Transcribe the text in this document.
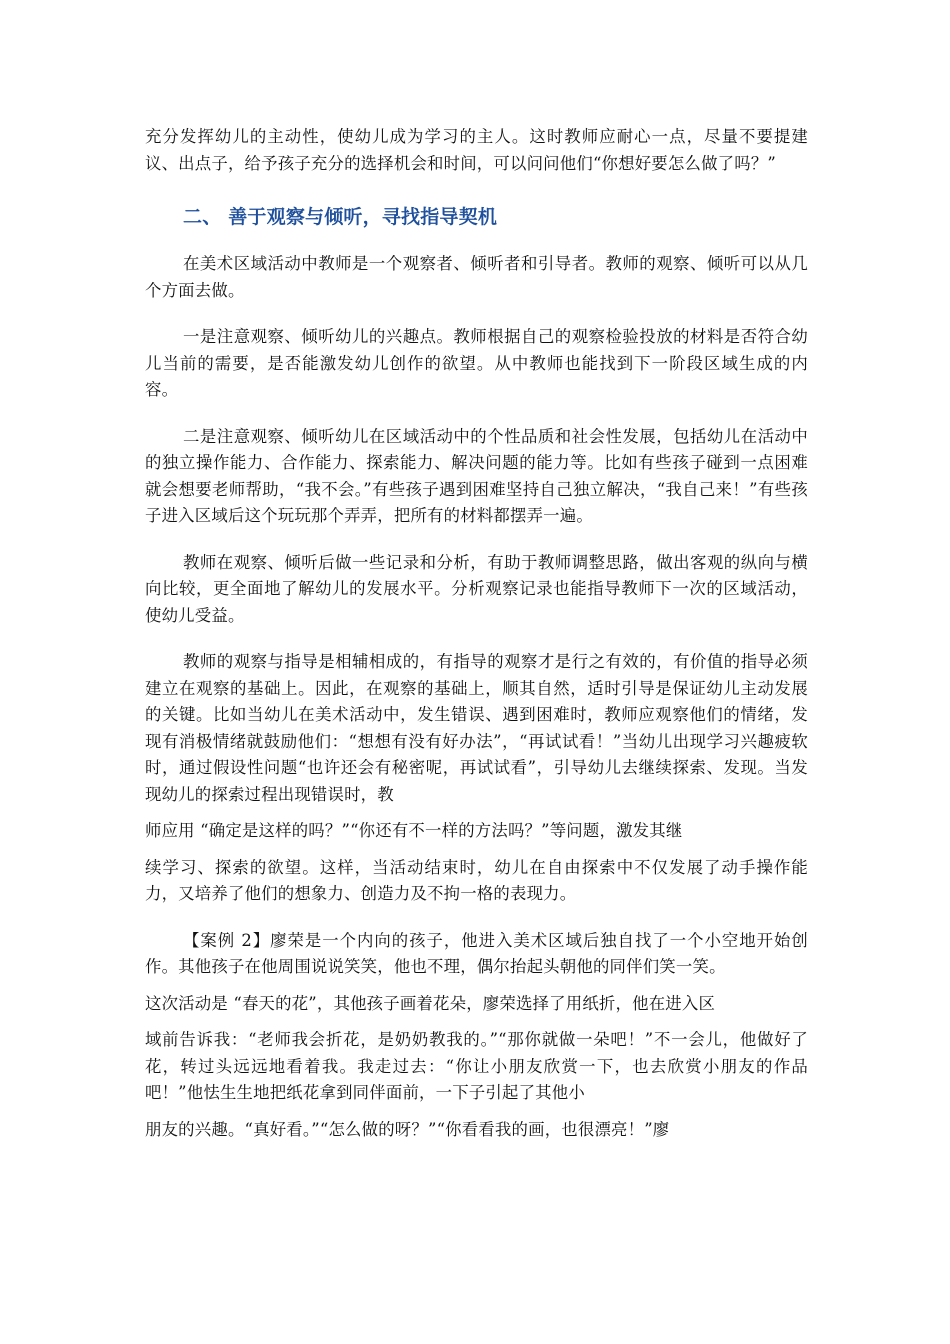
充分发挥幼儿的主动性，使幼儿成为学习的主人。这时教师应耐心一点，尽量不要提建议、出点子，给予孩子充分的选择机会和时间，可以问问他们“你想好要怎么做了吗？”

二、 善于观察与倾听，寻找指导契机

在美术区域活动中教师是一个观察者、倾听者和引导者。教师的观察、倾听可以从几个方面去做。

一是注意观察、倾听幼儿的兴趣点。教师根据自己的观察检验投放的材料是否符合幼儿当前的需要，是否能激发幼儿创作的欲望。从中教师也能找到下一阶段区域生成的内容。

二是注意观察、倾听幼儿在区域活动中的个性品质和社会性发展，包括幼儿在活动中的独立操作能力、合作能力、探索能力、解决问题的能力等。比如有些孩子碰到一点困难就会想要老师帮助，“我不会。”有些孩子遇到困难坚持自己独立解决，“我自己来！”有些孩子进入区域后这个玩玩那个弄弄，把所有的材料都摆弄一遍。

教师在观察、倾听后做一些记录和分析，有助于教师调整思路，做出客观的纵向与横向比较，更全面地了解幼儿的发展水平。分析观察记录也能指导教师下一次的区域活动，使幼儿受益。

教师的观察与指导是相辅相成的，有指导的观察才是行之有效的，有价值的指导必须建立在观察的基础上。因此，在观察的基础上，顺其自然，适时引导是保证幼儿主动发展的关键。比如当幼儿在美术活动中，发生错误、遇到困难时，教师应观察他们的情绪，发现有消极情绪就鼓励他们：“想想有没有好办法”，“再试试看！”当幼儿出现学习兴趣疲软时，通过假设性问题“也许还会有秘密呢，再试试看”，引导幼儿去继续探索、发现。当发现幼儿的探索过程出现错误时，教

师应用 “确定是这样的吗？”“你还有不一样的方法吗？”等问题，激发其继

续学习、探索的欲望。这样，当活动结束时，幼儿在自由探索中不仅发展了动手操作能力，又培养了他们的想象力、创造力及不拘一格的表现力。

【案例 2】廖荣是一个内向的孩子，他进入美术区域后独自找了一个小空地开始创作。其他孩子在他周围说说笑笑，他也不理，偶尔抬起头朝他的同伴们笑一笑。

这次活动是 “春天的花”，其他孩子画着花朵，廖荣选择了用纸折，他在进入区

域前告诉我：“老师我会折花，是奶奶教我的。”“那你就做一朵吧！”不一会儿，他做好了花，转过头远远地看着我。我走过去：“你让小朋友欣赏一下，也去欣赏小朋友的作品吧！”他怯生生地把纸花拿到同伴面前，一下子引起了其他小

朋友的兴趣。“真好看。”“怎么做的呀？”“你看看我的画，也很漂亮！”廖
